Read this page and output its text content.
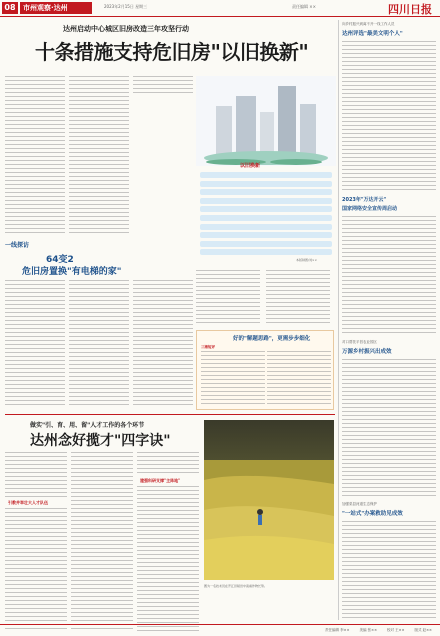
08	市州观察·达州	2023年2月15日 星期三	责任编辑 ××	四川日报
达州启动中心城区旧房改造三年攻坚行动
十条措施支持危旧房"以旧换新"
以旧换新
本版制图/刘××
一线探访
64变2
危旧房置换"有电梯的家"
好的"解题思路"，更需步步细化
三湘短评
做实"引、育、用、留"人才工作的各个环节
达州念好揽才"四字诀"
引教并举壮大人才队伍
建强科研支撑"主阵地"
图为一名技术员在开江县稻田中查看作物长势。
向乡村振兴到离不开一线工作人员
达州评选"最美文明个人"
2023年"万达开云"
国家网络安全宣传周启动
对口帮扶平昌农业园区
万源乡村振兴出成效
加强渠县河道生态保护
"一站式"办案救助见成效
责任编辑 李××	美编 张××	校对 王××	版式 赵××
